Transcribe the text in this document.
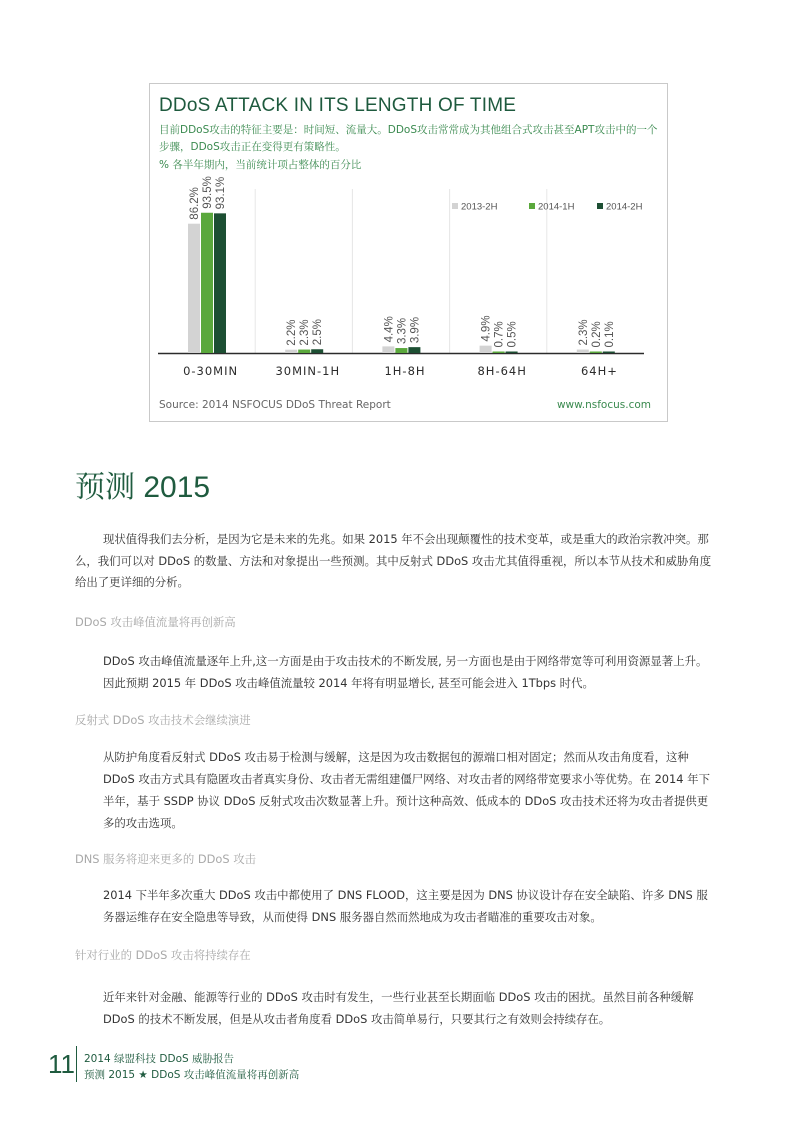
86.2% 93.5% 93.1%
0-30MIN
2.2% 2.3% 2.5%
30MIN-1H
4.4% 3.3% 3.9%
1H-8H
4.9% 0.7% 0.5%
8H-64H
2.3% 0.2% 0.1%
64H+
2013-2H	2014-1H	2014-2H
DDoS ATTACK IN ITS LENGTH OF TIME
目前DDoS攻击的特征主要是：时间短、流量大。DDoS攻击常常成为其他组合式攻击甚至APT攻击中的一个步骤，DDoS攻击正在变得更有策略性。
% 各半年期内，当前统计项占整体的百分比
Source: 2014 NSFOCUS DDoS Threat Report	www.nsfocus.com
预测 2015
现状值得我们去分析，是因为它是未来的先兆。如果 2015 年不会出现颠覆性的技术变革，或是重大的政治宗教冲突。那么，我们可以对 DDoS 的数量、方法和对象提出一些预测。其中反射式 DDoS 攻击尤其值得重视，所以本节从技术和威胁角度给出了更详细的分析。
DDoS 攻击峰值流量将再创新高
DDoS 攻击峰值流量逐年上升,这一方面是由于攻击技术的不断发展, 另一方面也是由于网络带宽等可利用资源显著上升。 因此预期 2015 年 DDoS 攻击峰值流量较 2014 年将有明显增长, 甚至可能会进入 1Tbps 时代。
反射式 DDoS 攻击技术会继续演进
从防护角度看反射式 DDoS 攻击易于检测与缓解，这是因为攻击数据包的源端口相对固定；然而从攻击角度看，这种 DDoS 攻击方式具有隐匿攻击者真实身份、攻击者无需组建僵尸网络、对攻击者的网络带宽要求小等优势。在 2014 年下半年，基于 SSDP 协议 DDoS 反射式攻击次数显著上升。预计这种高效、低成本的 DDoS 攻击技术还将为攻击者提供更多的攻击选项。
DNS 服务将迎来更多的 DDoS 攻击
2014 下半年多次重大 DDoS 攻击中都使用了 DNS FLOOD，这主要是因为 DNS 协议设计存在安全缺陷、许多 DNS 服务器运维存在安全隐患等导致，从而使得 DNS 服务器自然而然地成为攻击者瞄准的重要攻击对象。
针对行业的 DDoS 攻击将持续存在
近年来针对金融、能源等行业的 DDoS 攻击时有发生，一些行业甚至长期面临 DDoS 攻击的困扰。虽然目前各种缓解 DDoS 的技术不断发展，但是从攻击者角度看 DDoS 攻击简单易行，只要其行之有效则会持续存在。
11 2014 绿盟科技 DDoS 威胁报告
预测 2015 ★ DDoS 攻击峰值流量将再创新高
